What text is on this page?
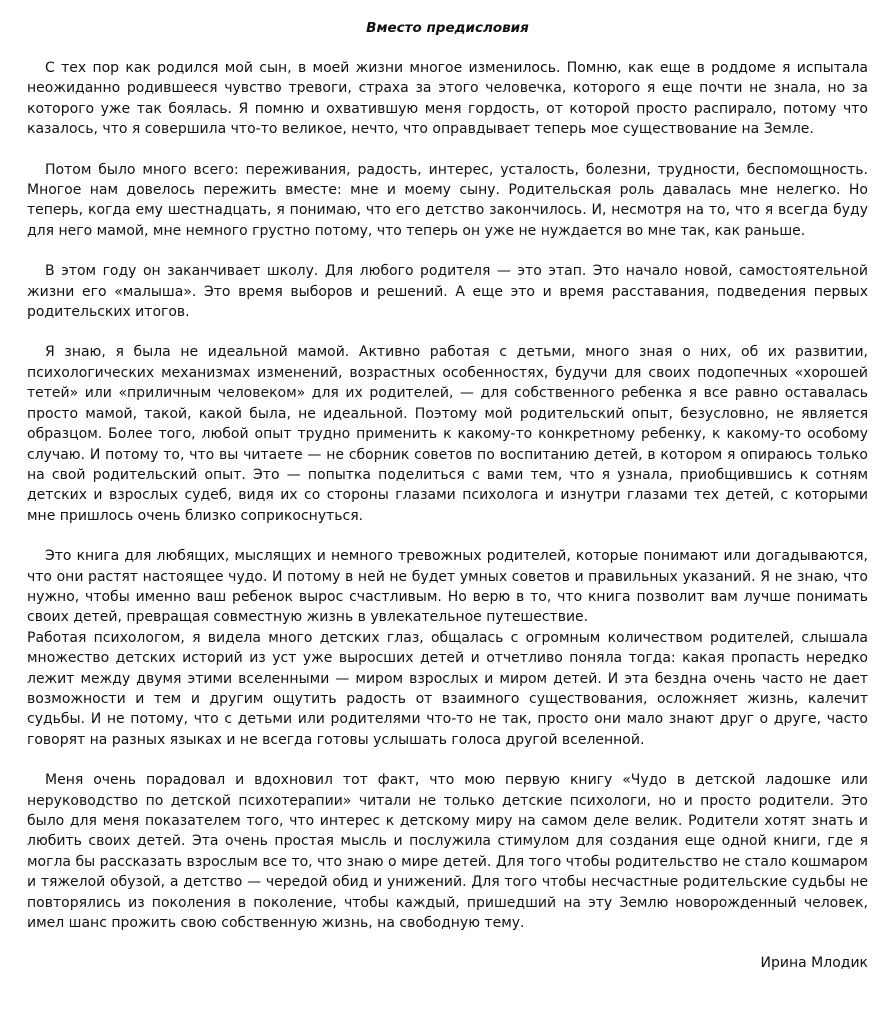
Вместо предисловия

С тех пор как родился мой сын, в моей жизни многое изменилось. Помню, как еще в роддоме я испытала неожиданно родившееся чувство тревоги, страха за этого человечка, которого я еще почти не знала, но за которого уже так боялась. Я помню и охватившую меня гордость, от которой просто распирало, потому что казалось, что я совершила что-то великое, нечто, что оправдывает теперь мое существование на Земле.

Потом было много всего: переживания, радость, интерес, усталость, болезни, трудности, беспомощность. Многое нам довелось пережить вместе: мне и моему сыну. Родительская роль давалась мне нелегко. Но теперь, когда ему шестнадцать, я понимаю, что его детство закончилось. И, несмотря на то, что я всегда буду для него мамой, мне немного грустно потому, что теперь он уже не нуждается во мне так, как раньше.

В этом году он заканчивает школу. Для любого родителя — это этап. Это начало новой, самостоятельной жизни его «малыша». Это время выборов и решений. А еще это и время расставания, подведения первых родительских итогов.

Я знаю, я была не идеальной мамой. Активно работая с детьми, много зная о них, об их развитии, психологических механизмах изменений, возрастных особенностях, будучи для своих подопечных «хорошей тетей» или «приличным человеком» для их родителей, — для собственного ребенка я все равно оставалась просто мамой, такой, какой была, не идеальной. Поэтому мой родительский опыт, безусловно, не является образцом. Более того, любой опыт трудно применить к какому-то конкретному ребенку, к какому-то особому случаю. И потому то, что вы читаете — не сборник советов по воспитанию детей, в котором я опираюсь только на свой родительский опыт. Это — попытка поделиться с вами тем, что я узнала, приобщившись к сотням детских и взрослых судеб, видя их со стороны глазами психолога и изнутри глазами тех детей, с которыми мне пришлось очень близко соприкоснуться.

Это книга для любящих, мыслящих и немного тревожных родителей, которые понимают или догадываются, что они растят настоящее чудо. И потому в ней не будет умных советов и правильных указаний. Я не знаю, что нужно, чтобы именно ваш ребенок вырос счастливым. Но верю в то, что книга позволит вам лучше понимать своих детей, превращая совместную жизнь в увлекательное путешествие.

Работая психологом, я видела много детских глаз, общалась с огромным количеством родителей, слышала множество детских историй из уст уже выросших детей и отчетливо поняла тогда: какая пропасть нередко лежит между двумя этими вселенными — миром взрослых и миром детей. И эта бездна очень часто не дает возможности и тем и другим ощутить радость от взаимного существования, осложняет жизнь, калечит судьбы. И не потому, что с детьми или родителями что-то не так, просто они мало знают друг о друге, часто говорят на разных языках и не всегда готовы услышать голоса другой вселенной.

Меня очень порадовал и вдохновил тот факт, что мою первую книгу «Чудо в детской ладошке или неруководство по детской психотерапии» читали не только детские психологи, но и просто родители. Это было для меня показателем того, что интерес к детскому миру на самом деле велик. Родители хотят знать и любить своих детей. Эта очень простая мысль и послужила стимулом для создания еще одной книги, где я могла бы рассказать взрослым все то, что знаю о мире детей. Для того чтобы родительство не стало кошмаром и тяжелой обузой, а детство — чередой обид и унижений. Для того чтобы несчастные родительские судьбы не повторялись из поколения в поколение, чтобы каждый, пришедший на эту Землю новорожденный человек, имел шанс прожить свою собственную жизнь, на свободную тему.

Ирина Млодик
